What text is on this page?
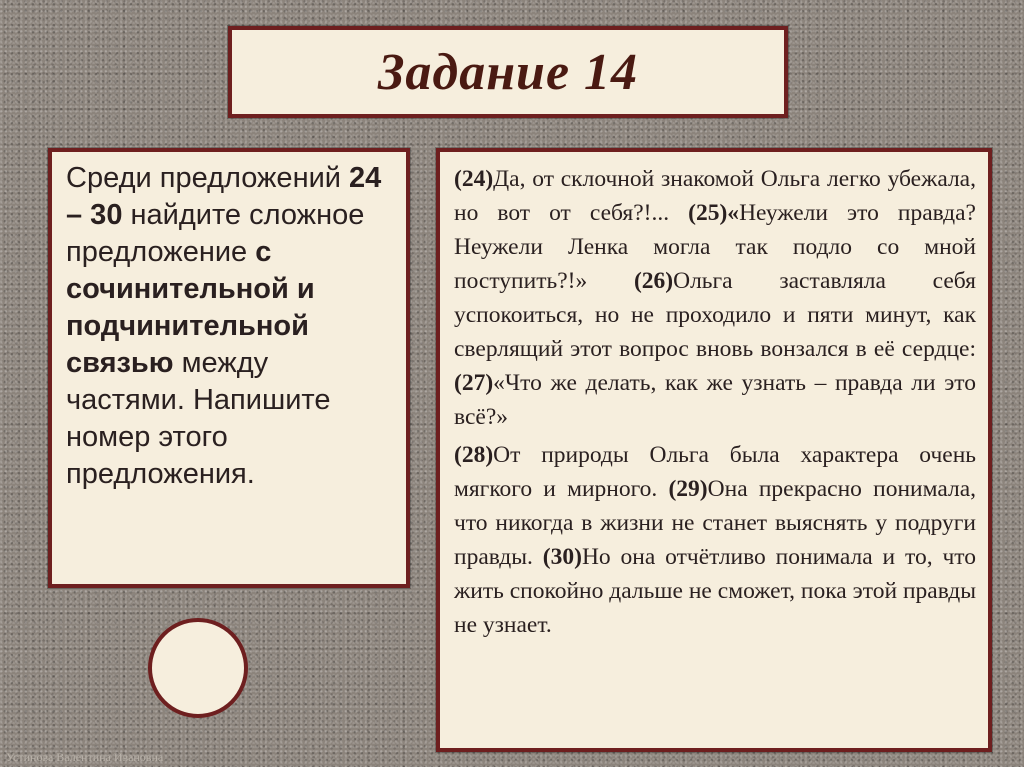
Задание 14

Среди предложений 24 – 30 найдите сложное предложение с сочинительной и подчинительной связью между частями. Напишите номер этого предложения.

(24)Да, от склочной знакомой Ольга легко убежала, но вот от себя?!... (25)«Неужели это правда? Неужели Ленка могла так подло со мной поступить?!» (26)Ольга заставляла себя успокоиться, но не проходило и пяти минут, как сверлящий этот вопрос вновь вонзался в её сердце: (27)«Что же делать, как же узнать – правда ли это всё?»

(28)От природы Ольга была характера очень мягкого и мирного. (29)Она прекрасно понимала, что никогда в жизни не станет выяснять у подруги правды. (30)Но она отчётливо понимала и то, что жить спокойно дальше не сможет, пока этой правды не узнает.

Устинова Валентина Ивановна
